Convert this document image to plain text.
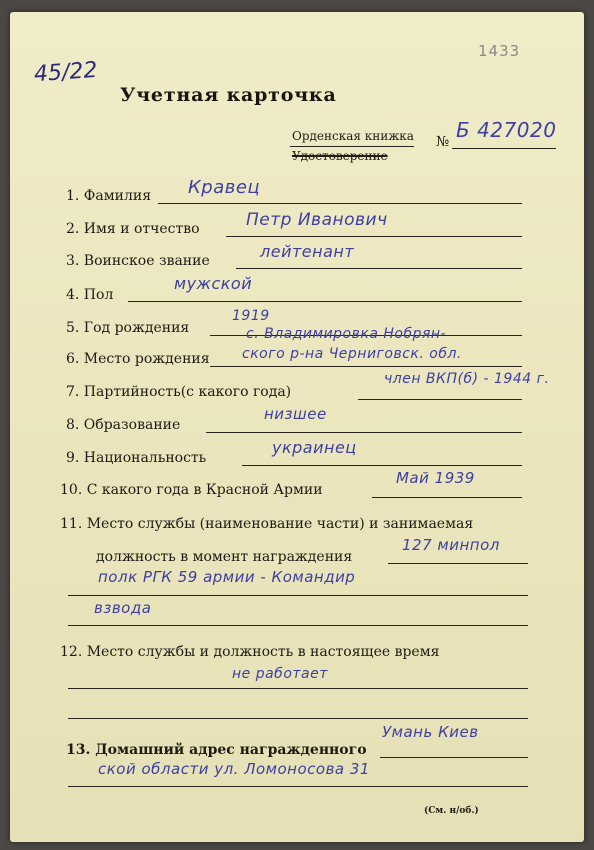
45/22
1433
Учетная карточка
Орденская книжка
Удостоверение
№ Б 427020
1. Фамилия Кравец
2. Имя и отчество	Петр Иванович
3. Воинское звание	лейтенант
4. Пол
мужской
5. Год рождения
1919
с. Владимировка Нобрян-
6. Место рождения ского р-на Черниговск. обл.
7. Партийность(с какого года)
член ВКП(б) - 1944 г.
8. Образование
низшее
9. Национальность
украинец
10. С какого года в Красной Армии
Май 1939
11. Место службы (наименование части) и занимаемая
должность в момент награждения
127 минпол
полк РГК 59 армии - Командир
взвода
12. Место службы и должность в настоящее время
не работает
13. Домашний адрес награжденного
Умань Киев
ской области ул. Ломоносова 31
(См. н/об.)
